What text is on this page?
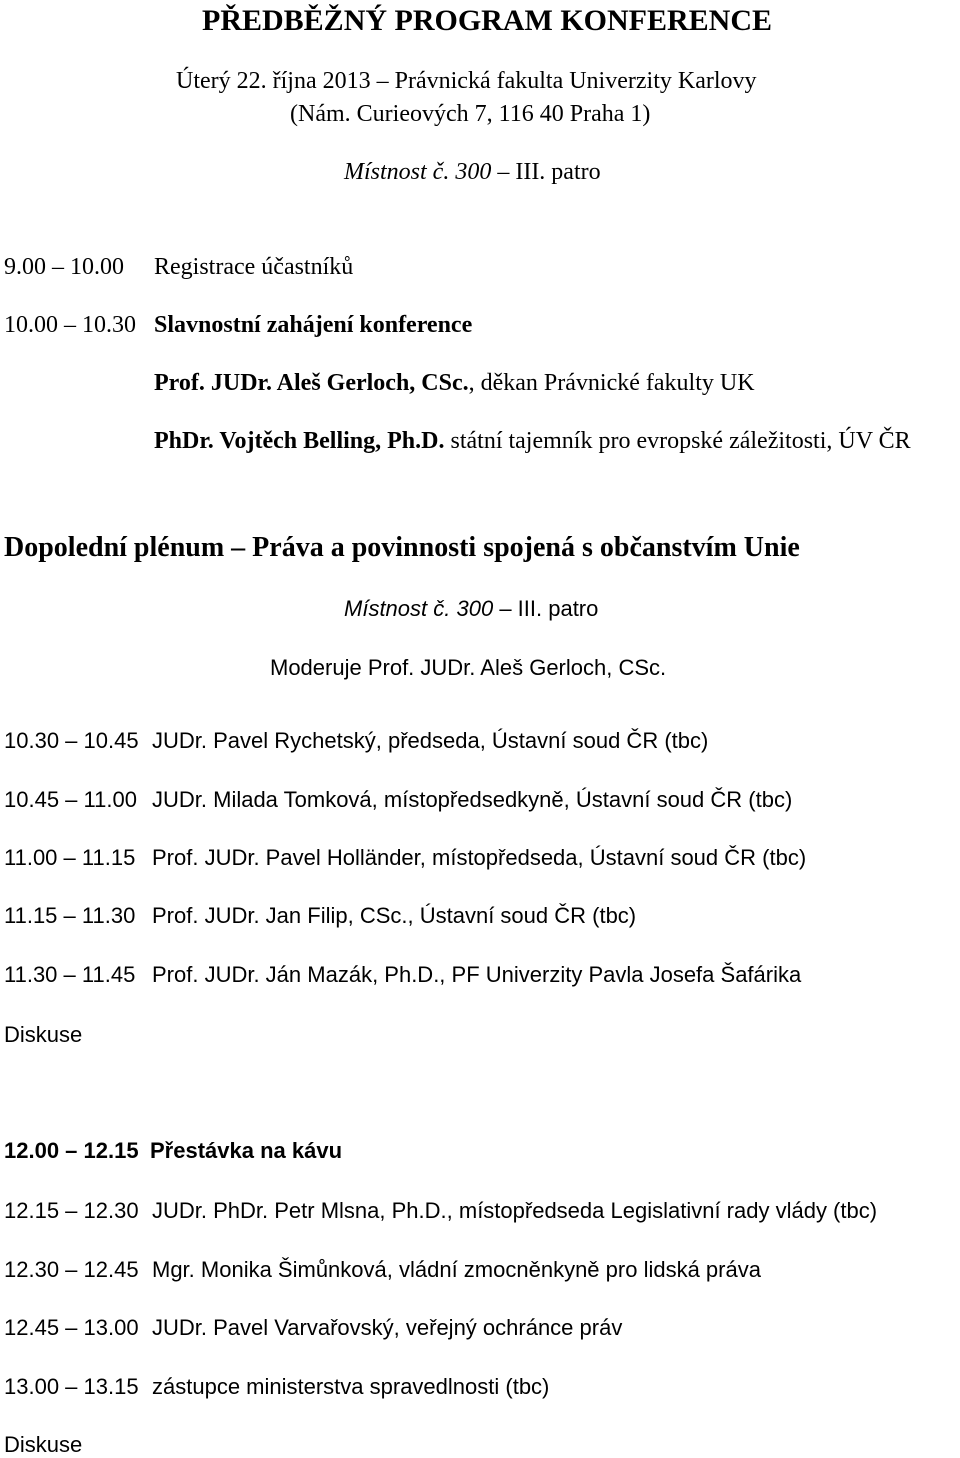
PŘEDBĚŽNÝ PROGRAM KONFERENCE
Úterý 22. října 2013 – Právnická fakulta Univerzity Karlovy
(Nám. Curieových 7, 116 40 Praha 1)
Místnost č. 300 – III. patro
9.00 – 10.00 Registrace účastníků
10.00 – 10.30 Slavnostní zahájení konference
Prof. JUDr. Aleš Gerloch, CSc., děkan Právnické fakulty UK
PhDr. Vojtěch Belling, Ph.D. státní tajemník pro evropské záležitosti, ÚV ČR
Dopolední plénum – Práva a povinnosti spojená s občanstvím Unie
Místnost č. 300 – III. patro
Moderuje Prof. JUDr. Aleš Gerloch, CSc.
10.30 – 10.45 JUDr. Pavel Rychetský, předseda, Ústavní soud ČR (tbc)
10.45 – 11.00 JUDr. Milada Tomková, místopředsedkyně, Ústavní soud ČR (tbc)
11.00 – 11.15 Prof. JUDr. Pavel Holländer, místopředseda, Ústavní soud ČR (tbc)
11.15 – 11.30 Prof. JUDr. Jan Filip, CSc., Ústavní soud ČR (tbc)
11.30 – 11.45 Prof. JUDr. Ján Mazák, Ph.D., PF Univerzity Pavla Josefa Šafárika
Diskuse
12.00 – 12.15 Přestávka na kávu
12.15 – 12.30 JUDr. PhDr. Petr Mlsna, Ph.D., místopředseda Legislativní rady vlády (tbc)
12.30 – 12.45 Mgr. Monika Šimůnková, vládní zmocněnkyně pro lidská práva
12.45 – 13.00 JUDr. Pavel Varvařovský, veřejný ochránce práv
13.00 – 13.15 zástupce ministerstva spravedlnosti (tbc)
Diskuse
